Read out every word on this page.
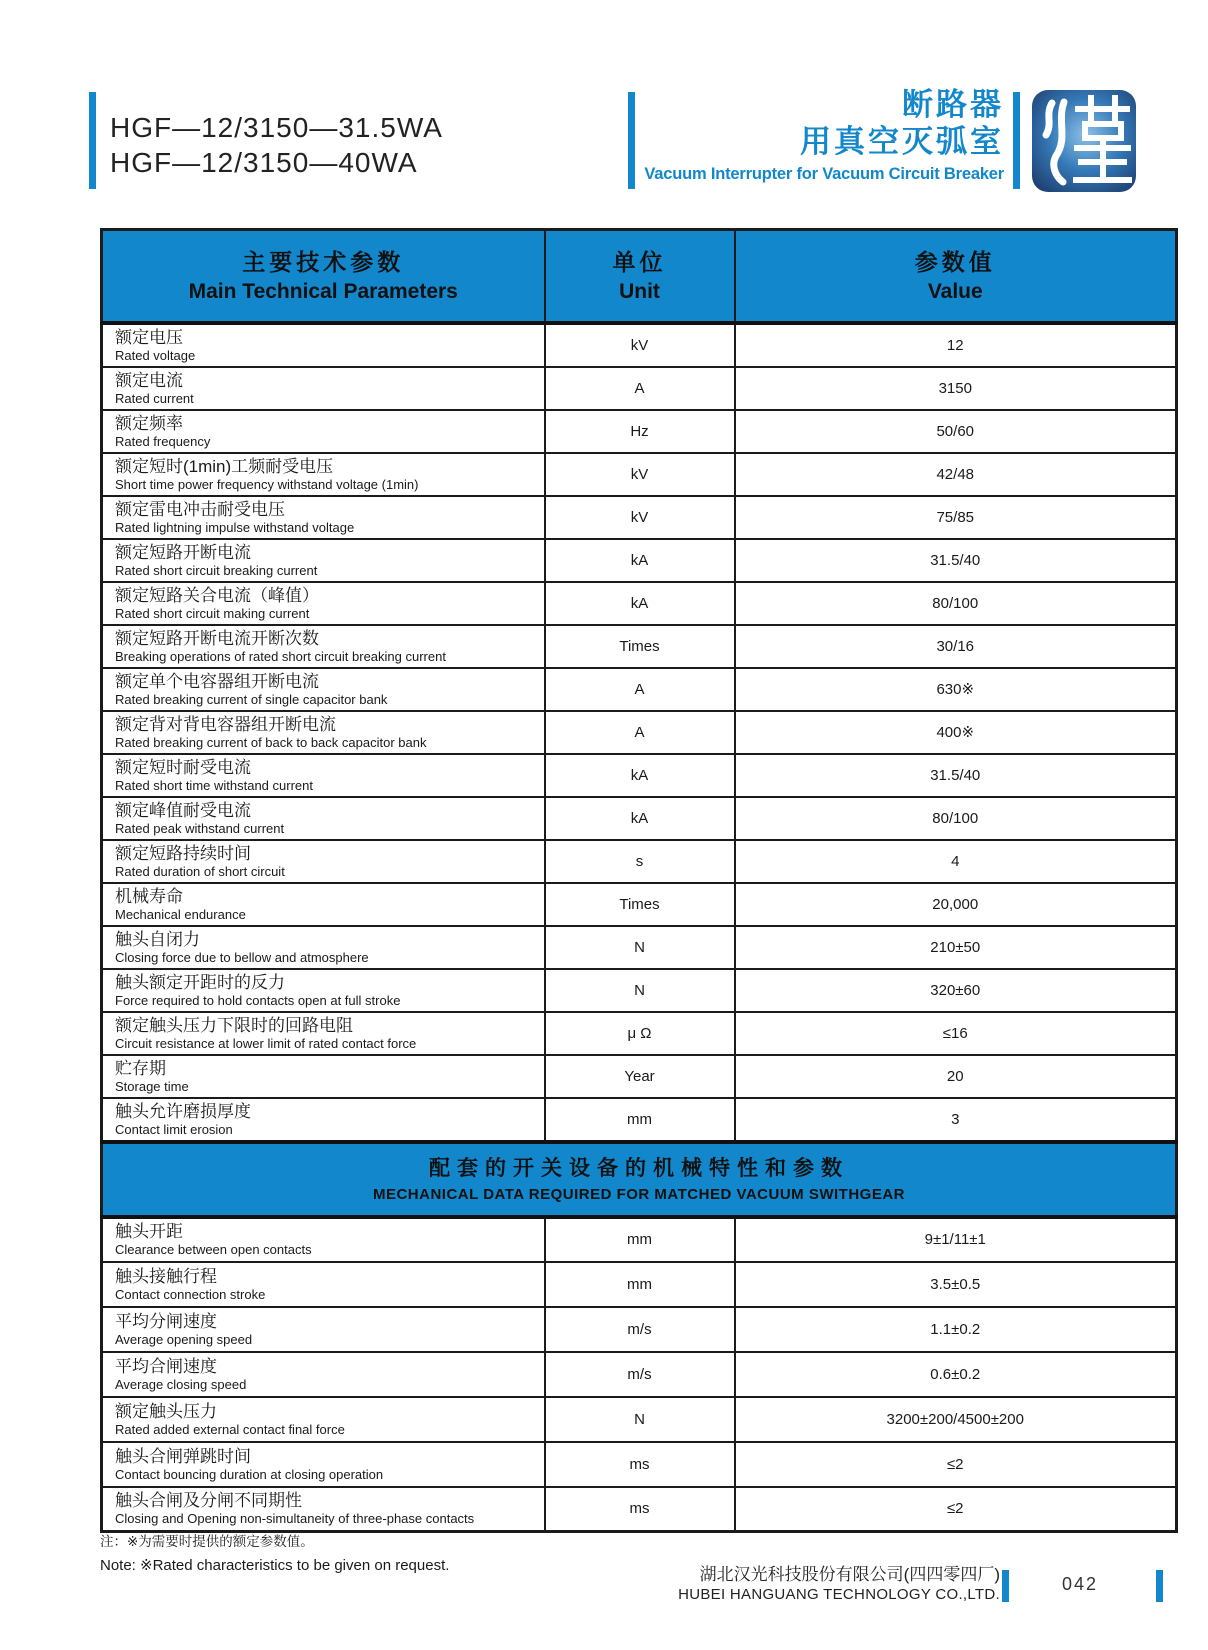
HGF—12/3150—31.5WA
HGF—12/3150—40WA
断路器
用真空灭弧室
Vacuum Interrupter for Vacuum Circuit Breaker
主要技术参数
Main Technical Parameters

单位
Unit

参数值
Value

额定电压
Rated voltage	kV	12

额定电流
Rated current	A	3150

额定频率
Rated frequency	Hz	50/60

额定短时(1min)工频耐受电压
Short time power frequency withstand voltage (1min)	kV	42/48

额定雷电冲击耐受电压
Rated lightning impulse withstand voltage	kV	75/85

额定短路开断电流
Rated short circuit breaking current	kA	31.5/40

额定短路关合电流（峰值）
Rated short circuit making current	kA	80/100

额定短路开断电流开断次数
Breaking operations of rated short circuit breaking current	Times	30/16

额定单个电容器组开断电流
Rated breaking current of single capacitor bank	A	630※

额定背对背电容器组开断电流
Rated breaking current of back to back capacitor bank	A	400※

额定短时耐受电流
Rated short time withstand current	kA	31.5/40

额定峰值耐受电流
Rated peak withstand current	kA	80/100

额定短路持续时间
Rated duration of short circuit	s	4

机械寿命
Mechanical endurance	Times	20,000

触头自闭力
Closing force due to bellow and atmosphere	N	210±50

触头额定开距时的反力
Force required to hold contacts open at full stroke	N	320±60

额定触头压力下限时的回路电阻
Circuit resistance at lower limit of rated contact force	μ Ω	≤16

贮存期
Storage time	Year	20

触头允许磨损厚度
Contact limit erosion	mm	3

配套的开关设备的机械特性和参数
MECHANICAL DATA REQUIRED FOR MATCHED VACUUM SWITHGEAR		

触头开距
Clearance between open contacts	mm	9±1/11±1

触头接触行程
Contact connection stroke	mm	3.5±0.5

平均分闸速度
Average opening speed	m/s	1.1±0.2

平均合闸速度
Average closing speed	m/s	0.6±0.2

额定触头压力
Rated added external contact final force	N	3200±200/4500±200

触头合闸弹跳时间
Contact bouncing duration at closing operation	ms	≤2

触头合闸及分闸不同期性
Closing and Opening non-simultaneity of three-phase contacts	ms	≤2
注：※为需要时提供的额定参数值。
Note: ※Rated characteristics to be given on request.	湖北汉光科技股份有限公司(四四零四厂)
HUBEI HANGUANG TECHNOLOGY CO.,LTD.
042
